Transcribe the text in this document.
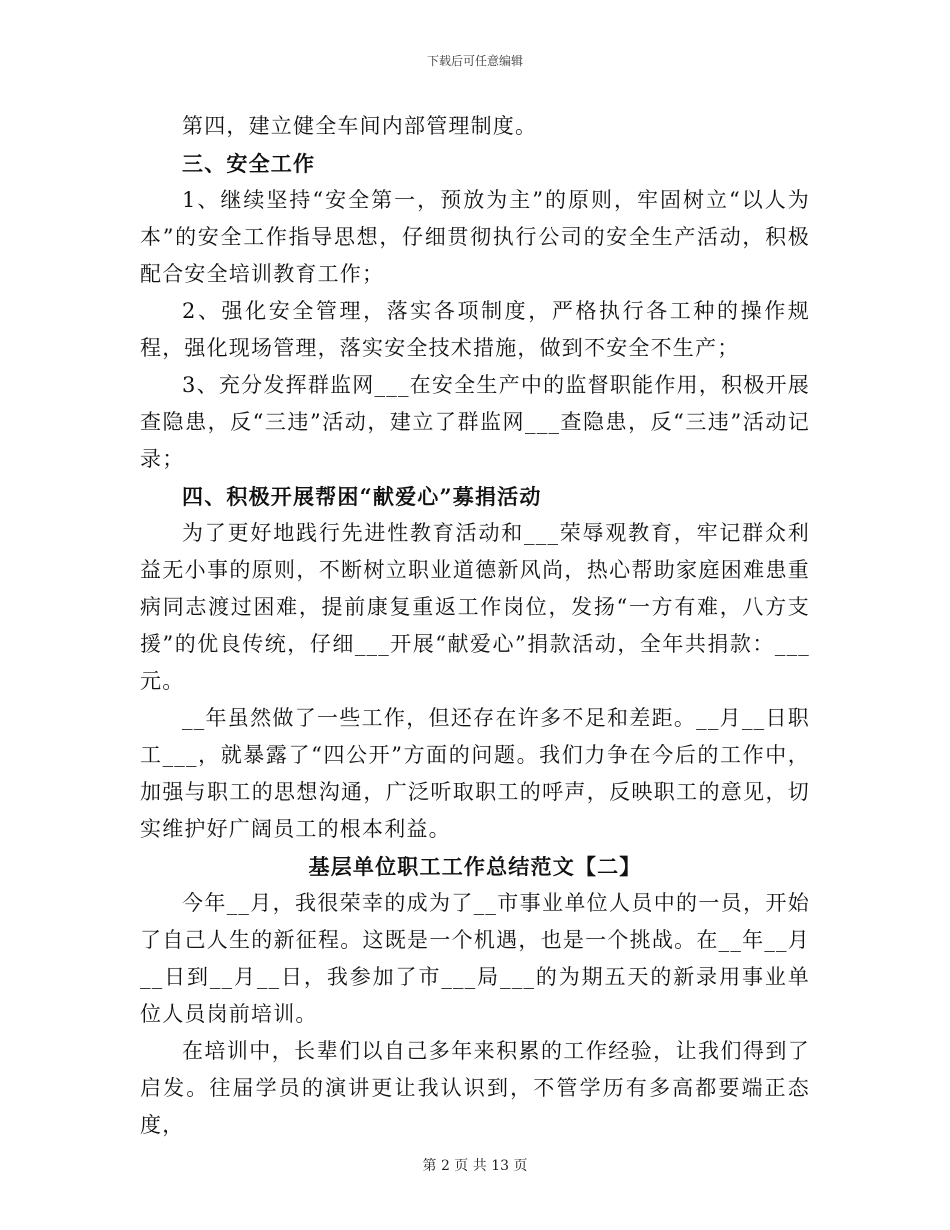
下载后可任意编辑

第四，建立健全车间内部管理制度。

三、安全工作

1、继续坚持“安全第一，预放为主”的原则，牢固树立“以人为本”的安全工作指导思想，仔细贯彻执行公司的安全生产活动，积极配合安全培训教育工作；

2、强化安全管理，落实各项制度，严格执行各工种的操作规程，强化现场管理，落实安全技术措施，做到不安全不生产；

3、充分发挥群监网___在安全生产中的监督职能作用，积极开展查隐患，反“三违”活动，建立了群监网___查隐患，反“三违”活动记录；

四、积极开展帮困“献爱心”募捐活动

为了更好地践行先进性教育活动和___荣辱观教育，牢记群众利益无小事的原则，不断树立职业道德新风尚，热心帮助家庭困难患重病同志渡过困难，提前康复重返工作岗位，发扬“一方有难，八方支援”的优良传统，仔细___开展“献爱心”捐款活动，全年共捐款：___元。

__年虽然做了一些工作，但还存在许多不足和差距。__月__日职工___，就暴露了“四公开”方面的问题。我们力争在今后的工作中，加强与职工的思想沟通，广泛听取职工的呼声，反映职工的意见，切实维护好广阔员工的根本利益。

基层单位职工工作总结范文【二】

今年__月，我很荣幸的成为了__市事业单位人员中的一员，开始了自己人生的新征程。这既是一个机遇，也是一个挑战。在__年__月__日到__月__日，我参加了市___局___的为期五天的新录用事业单位人员岗前培训。

在培训中，长辈们以自己多年来积累的工作经验，让我们得到了启发。往届学员的演讲更让我认识到，不管学历有多高都要端正态度，

第 2 页 共 13 页
